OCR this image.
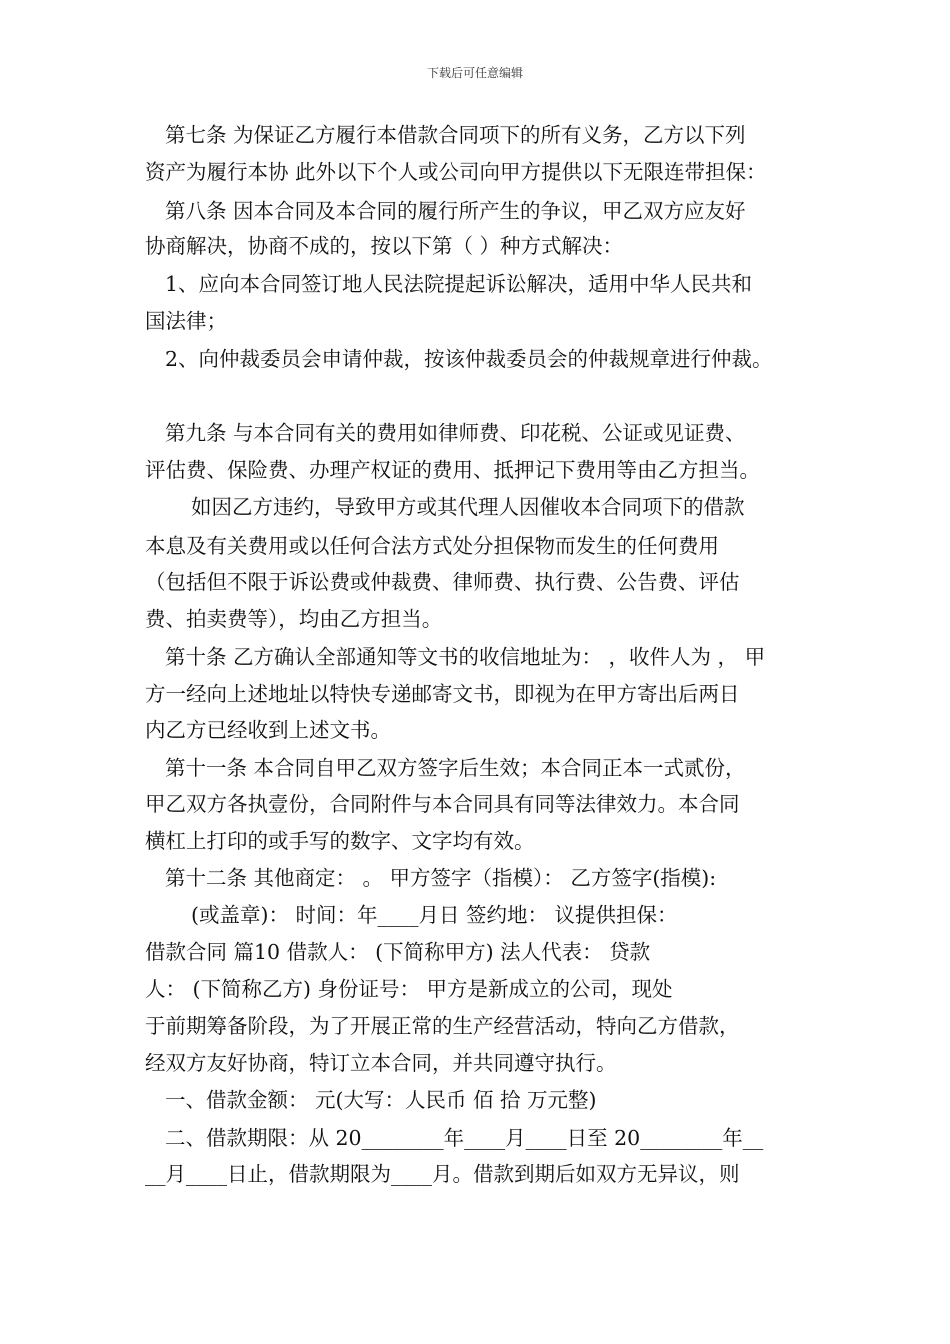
下载后可任意编辑
第七条 为保证乙方履行本借款合同项下的所有义务，乙方以下列
资产为履行本协 此外以下个人或公司向甲方提供以下无限连带担保：
第八条 因本合同及本合同的履行所产生的争议，甲乙双方应友好
协商解决，协商不成的，按以下第（ ）种方式解决：
1、应向本合同签订地人民法院提起诉讼解决，适用中华人民共和
国法律；
2、向仲裁委员会申请仲裁，按该仲裁委员会的仲裁规章进行仲裁。
第九条 与本合同有关的费用如律师费、印花税、公证或见证费、
评估费、保险费、办理产权证的费用、抵押记下费用等由乙方担当。
如因乙方违约，导致甲方或其代理人因催收本合同项下的借款
本息及有关费用或以任何合法方式处分担保物而发生的任何费用
（包括但不限于诉讼费或仲裁费、律师费、执行费、公告费、评估
费、拍卖费等），均由乙方担当。
第十条 乙方确认全部通知等文书的收信地址为： ，收件人为 ， 甲
方一经向上述地址以特快专递邮寄文书，即视为在甲方寄出后两日
内乙方已经收到上述文书。
第十一条 本合同自甲乙双方签字后生效；本合同正本一式贰份，
甲乙双方各执壹份，合同附件与本合同具有同等法律效力。本合同
横杠上打印的或手写的数字、文字均有效。
第十二条 其他商定： 。 甲方签字（指模）： 乙方签字(指模):
(或盖章)： 时间：年____月日 签约地： 议提供担保：
借款合同 篇10 借款人： (下简称甲方) 法人代表： 贷款
人： (下简称乙方) 身份证号： 甲方是新成立的公司，现处
于前期筹备阶段，为了开展正常的生产经营活动，特向乙方借款，
经双方友好协商，特订立本合同，并共同遵守执行。
一、借款金额： 元(大写：人民币 佰 拾 万元整)
二、借款期限：从 20________年____月____日至 20________年__
__月____日止，借款期限为____月。借款到期后如双方无异议，则
